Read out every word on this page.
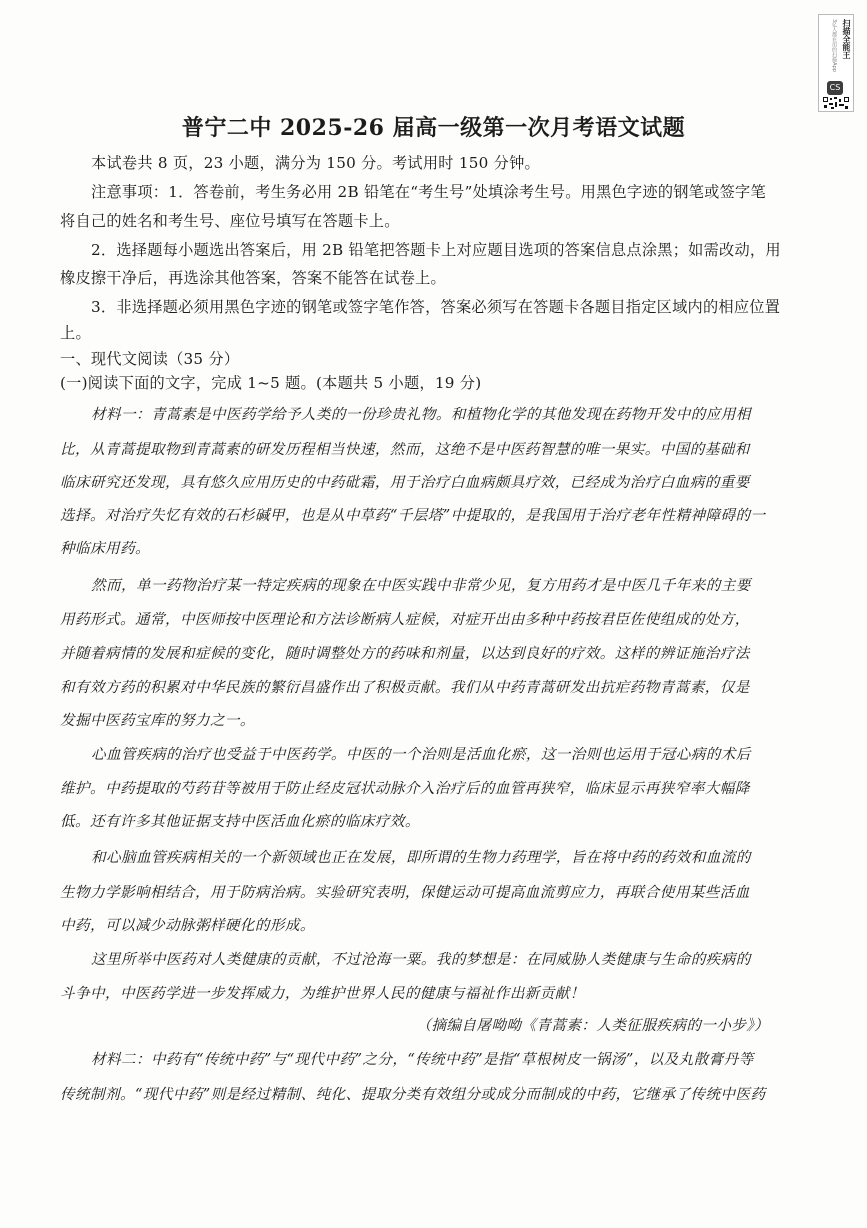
扫描全能王
3亿人都在用的扫描App
CS
普宁二中 2025-26 届高一级第一次月考语文试题
本试卷共 8 页，23 小题，满分为 150 分。考试用时 150 分钟。
注意事项：1．答卷前，考生务必用 2B 铅笔在“考生号”处填涂考生号。用黑色字迹的钢笔或签字笔
将自己的姓名和考生号、座位号填写在答题卡上。
2．选择题每小题选出答案后，用 2B 铅笔把答题卡上对应题目选项的答案信息点涂黑；如需改动，用
橡皮擦干净后，再选涂其他答案，答案不能答在试卷上。
3．非选择题必须用黑色字迹的钢笔或签字笔作答，答案必须写在答题卡各题目指定区域内的相应位置
上。
一、现代文阅读（35 分）
(一)阅读下面的文字，完成 1~5 题。(本题共 5 小题，19 分)
材料一：青蒿素是中医药学给予人类的一份珍贵礼物。和植物化学的其他发现在药物开发中的应用相
比，从青蒿提取物到青蒿素的研发历程相当快速，然而，这绝不是中医药智慧的唯一果实。中国的基础和
临床研究还发现，具有悠久应用历史的中药砒霜，用于治疗白血病颇具疗效，已经成为治疗白血病的重要
选择。对治疗失忆有效的石杉碱甲，也是从中草药“千层塔”中提取的，是我国用于治疗老年性精神障碍的一
种临床用药。
然而，单一药物治疗某一特定疾病的现象在中医实践中非常少见，复方用药才是中医几千年来的主要
用药形式。通常，中医师按中医理论和方法诊断病人症候，对症开出由多种中药按君臣佐使组成的处方，
并随着病情的发展和症候的变化，随时调整处方的药味和剂量，以达到良好的疗效。这样的辨证施治疗法
和有效方药的积累对中华民族的繁衍昌盛作出了积极贡献。我们从中药青蒿研发出抗疟药物青蒿素，仅是
发掘中医药宝库的努力之一。
心血管疾病的治疗也受益于中医药学。中医的一个治则是活血化瘀，这一治则也运用于冠心病的术后
维护。中药提取的芍药苷等被用于防止经皮冠状动脉介入治疗后的血管再狭窄，临床显示再狭窄率大幅降
低。还有许多其他证据支持中医活血化瘀的临床疗效。
和心脑血管疾病相关的一个新领域也正在发展，即所谓的生物力药理学，旨在将中药的药效和血流的
生物力学影响相结合，用于防病治病。实验研究表明，保健运动可提高血流剪应力，再联合使用某些活血
中药，可以减少动脉粥样硬化的形成。
这里所举中医药对人类健康的贡献，不过沧海一粟。我的梦想是：在同威胁人类健康与生命的疾病的
斗争中，中医药学进一步发挥威力，为维护世界人民的健康与福祉作出新贡献！
（摘编自屠呦呦《青蒿素：人类征服疾病的一小步》）
材料二：中药有“传统中药”与“现代中药”之分，“传统中药”是指“草根树皮一锅汤”，以及丸散膏丹等
传统制剂。“现代中药”则是经过精制、纯化、提取分类有效组分或成分而制成的中药，它继承了传统中医药
